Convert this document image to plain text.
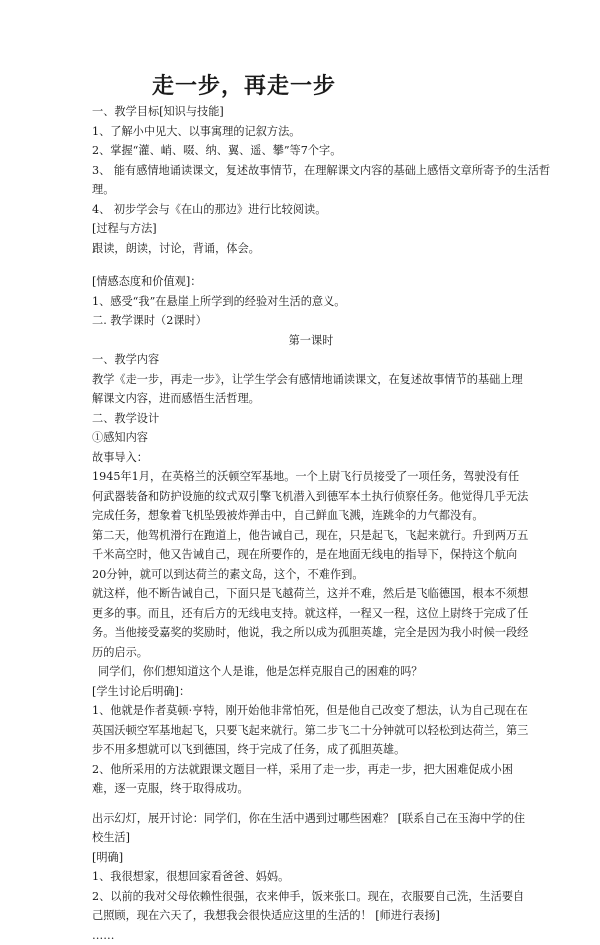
走一步，再走一步
一、教学目标[知识与技能]
1、了解小中见大、以事寓理的记叙方法。
2、掌握“灌、峭、啜、纳、翼、遥、攀”等7个字。
3、 能有感情地诵读课文，复述故事情节，在理解课文内容的基础上感悟文章所寄予的生活哲
理。
4、 初步学会与《在山的那边》进行比较阅读。
[过程与方法]
跟读，朗读，讨论，背诵，体会。
[情感态度和价值观]：
1、感受“我”在悬崖上所学到的经验对生活的意义。
二. 教学课时（2课时）
第一课时
一、教学内容
教学《走一步，再走一步》，让学生学会有感情地诵读课文，在复述故事情节的基础上理解课文内容，进而感悟生活哲理。
二、教学设计
①感知内容
故事导入：
1945年1月，在英格兰的沃顿空军基地。一个上尉飞行员接受了一项任务，驾驶没有任何武器装备和防护设施的纹式双引擎飞机潜入到德军本土执行侦察任务。他觉得几乎无法完成任务，想象着飞机坠毁被炸弹击中，自己鲜血飞溅，连跳伞的力气都没有。
第二天，他驾机滑行在跑道上，他告诫自己，现在，只是起飞，飞起来就行。升到两万五千米高空时，他又告诫自己，现在所要作的，是在地面无线电的指导下，保持这个航向20分钟，就可以到达荷兰的素文岛，这个，不难作到。
就这样，他不断告诫自己，下面只是飞越荷兰，这并不难，然后是飞临德国，根本不须想更多的事。而且，还有后方的无线电支持。就这样，一程又一程，这位上尉终于完成了任务。当他接受嘉奖的奖励时，他说，我之所以成为孤胆英雄，完全是因为我小时候一段经历的启示。
同学们，你们想知道这个人是谁，他是怎样克服自己的困难的吗？
[学生讨论后明确]：
1、他就是作者莫顿·亨特，刚开始他非常怕死，但是他自己改变了想法，认为自己现在在英国沃顿空军基地起飞，只要飞起来就行。第二步飞二十分钟就可以轻松到达荷兰，第三步不用多想就可以飞到德国，终于完成了任务，成了孤胆英雄。
2、他所采用的方法就跟课文题目一样，采用了走一步，再走一步，把大困难促成小困难，逐一克服，终于取得成功。
出示幻灯，展开讨论：同学们，你在生活中遇到过哪些困难？ [联系自己在玉海中学的住校生活]
[明确]
1、我很想家，很想回家看爸爸、妈妈。
2、以前的我对父母依赖性很强，衣来伸手，饭来张口。现在，衣服要自己洗，生活要自己照顾，现在六天了，我想我会很快适应这里的生活的！ [师进行表扬]
……
